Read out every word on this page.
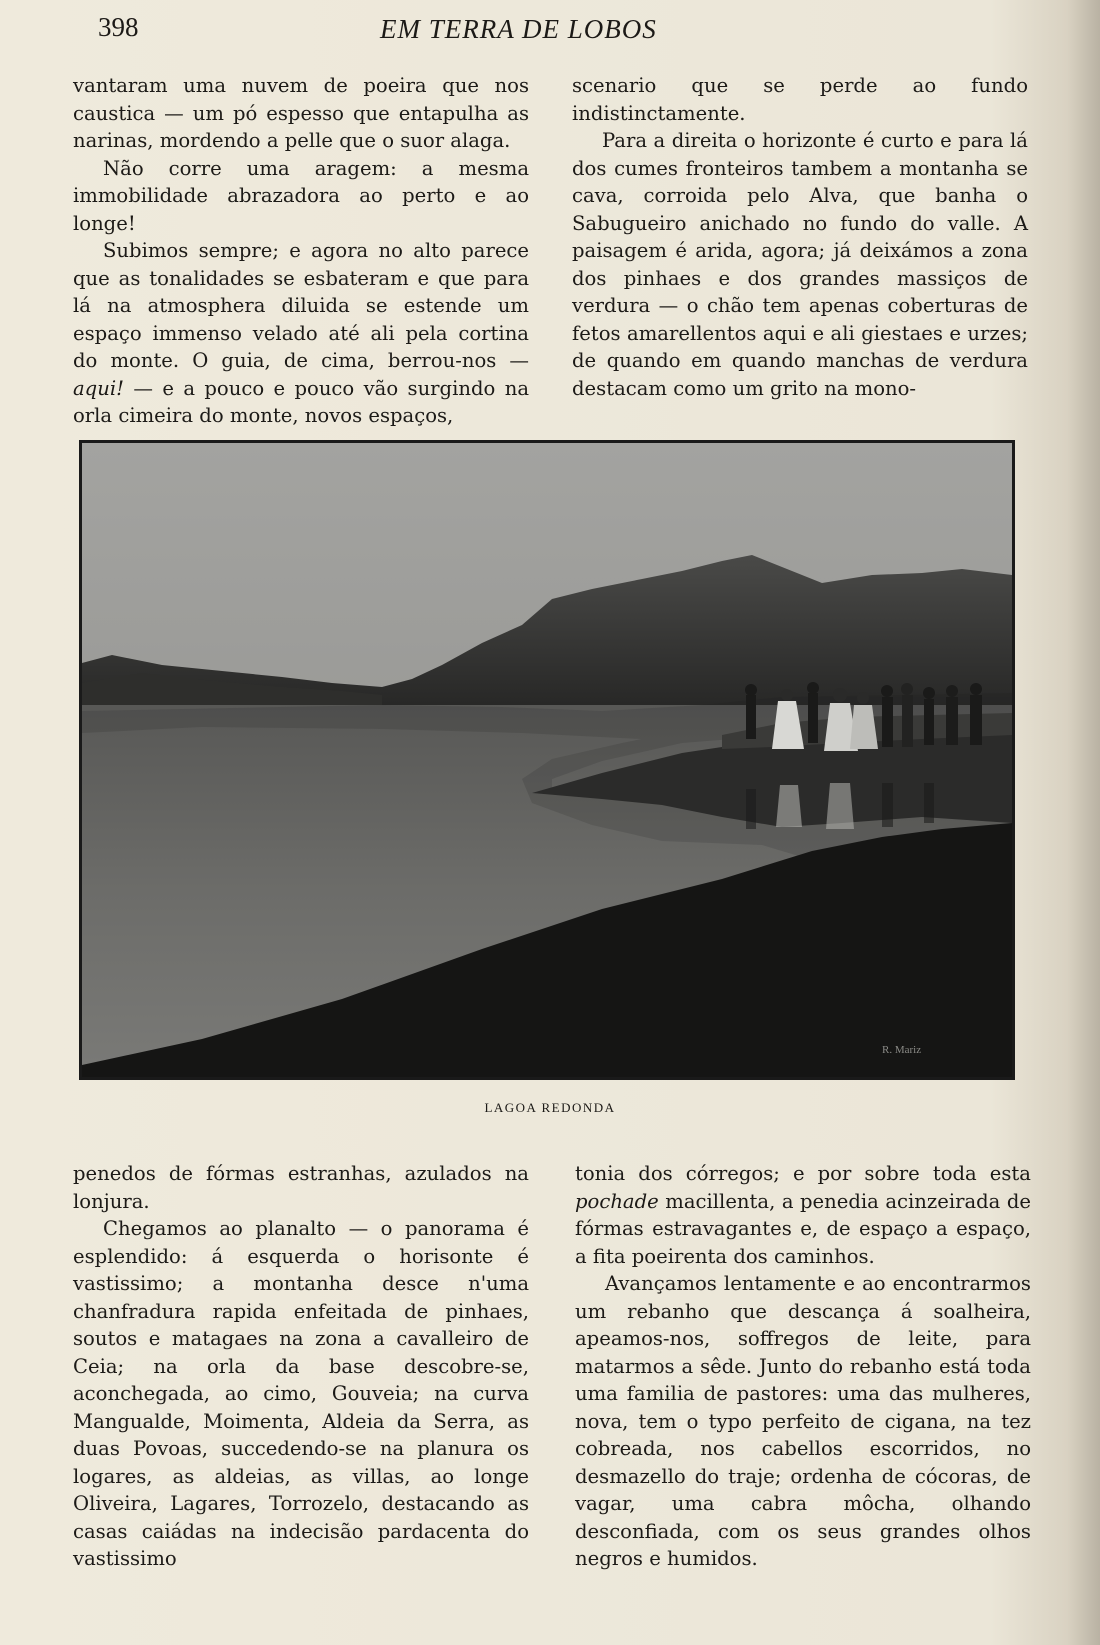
398	EM TERRA DE LOBOS

vantaram uma nuvem de poeira que nos caustica — um pó espesso que entapulha as narinas, mordendo a pelle que o suor alaga.

Não corre uma aragem: a mesma immobilidade abrazadora ao perto e ao longe!

Subimos sempre; e agora no alto parece que as tonalidades se esbateram e que para lá na atmosphera diluida se estende um espaço immenso velado até ali pela cortina do monte. O guia, de cima, berrou-nos — aqui! — e a pouco e pouco vão surgindo na orla cimeira do monte, novos espaços,

scenario que se perde ao fundo indistinctamente.

Para a direita o horizonte é curto e para lá dos cumes fronteiros tambem a montanha se cava, corroida pelo Alva, que banha o Sabugueiro anichado no fundo do valle. A paisagem é arida, agora; já deixámos a zona dos pinhaes e dos grandes massiços de verdura — o chão tem apenas coberturas de fetos amarellentos aqui e ali giestaes e urzes; de quando em quando manchas de verdura destacam como um grito na mono-

R. Mariz
LAGOA REDONDA

penedos de fórmas estranhas, azulados na lonjura.

Chegamos ao planalto — o panorama é esplendido: á esquerda o horisonte é vastissimo; a montanha desce n'uma chanfradura rapida enfeitada de pinhaes, soutos e matagaes na zona a cavalleiro de Ceia; na orla da base descobre-se, aconchegada, ao cimo, Gouveia; na curva Mangualde, Moimenta, Aldeia da Serra, as duas Povoas, succedendo-se na planura os logares, as aldeias, as villas, ao longe Oliveira, Lagares, Torrozelo, destacando as casas caiádas na indecisão pardacenta do vastissimo

tonia dos córregos; e por sobre toda esta pochade macillenta, a penedia acinzeirada de fórmas estravagantes e, de espaço a espaço, a fita poeirenta dos caminhos.

Avançamos lentamente e ao encontrarmos um rebanho que descança á soalheira, apeamos-nos, soffregos de leite, para matarmos a sêde. Junto do rebanho está toda uma familia de pastores: uma das mulheres, nova, tem o typo perfeito de cigana, na tez cobreada, nos cabellos escorridos, no desmazello do traje; ordenha de cócoras, de vagar, uma cabra môcha, olhando desconfiada, com os seus grandes olhos negros e humidos.
